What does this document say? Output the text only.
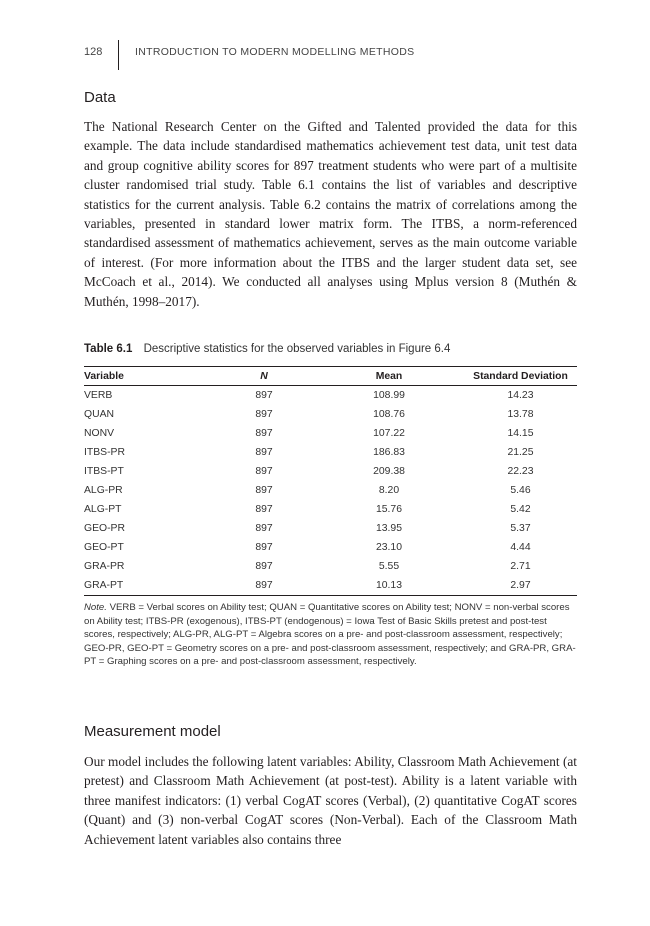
128	INTRODUCTION TO MODERN MODELLING METHODS
Data

The National Research Center on the Gifted and Talented provided the data for this example. The data include standardised mathematics achievement test data, unit test data and group cognitive ability scores for 897 treatment students who were part of a multisite cluster randomised trial study. Table 6.1 contains the list of variables and descriptive statistics for the current analysis. Table 6.2 contains the matrix of correlations among the variables, presented in standard lower matrix form. The ITBS, a norm-referenced standardised assessment of mathematics achievement, serves as the main outcome variable of interest. (For more information about the ITBS and the larger student data set, see McCoach et al., 2014). We conducted all analyses using Mplus version 8 (Muthén & Muthén, 1998–2017).

Table 6.1 Descriptive statistics for the observed variables in Figure 6.4
Variable	N	Mean	Standard Deviation
VERB	897	108.99	14.23
QUAN	897	108.76	13.78
NONV	897	107.22	14.15
ITBS-PR	897	186.83	21.25
ITBS-PT	897	209.38	22.23
ALG-PR	897	8.20	5.46
ALG-PT	897	15.76	5.42
GEO-PR	897	13.95	5.37
GEO-PT	897	23.10	4.44
GRA-PR	897	5.55	2.71
GRA-PT	897	10.13	2.97
Note. VERB = Verbal scores on Ability test; QUAN = Quantitative scores on Ability test; NONV = non-verbal scores on Ability test; ITBS-PR (exogenous), ITBS-PT (endogenous) = Iowa Test of Basic Skills pretest and post-test scores, respectively; ALG-PR, ALG-PT = Algebra scores on a pre- and post-classroom assessment, respectively; GEO-PR, GEO-PT = Geometry scores on a pre- and post-classroom assessment, respectively; and GRA-PR, GRA-PT = Graphing scores on a pre- and post-classroom assessment, respectively.
Measurement model

Our model includes the following latent variables: Ability, Classroom Math Achievement (at pretest) and Classroom Math Achievement (at post-test). Ability is a latent variable with three manifest indicators: (1) verbal CogAT scores (Verbal), (2) quantitative CogAT scores (Quant) and (3) non-verbal CogAT scores (Non-Verbal). Each of the Classroom Math Achievement latent variables also contains three
